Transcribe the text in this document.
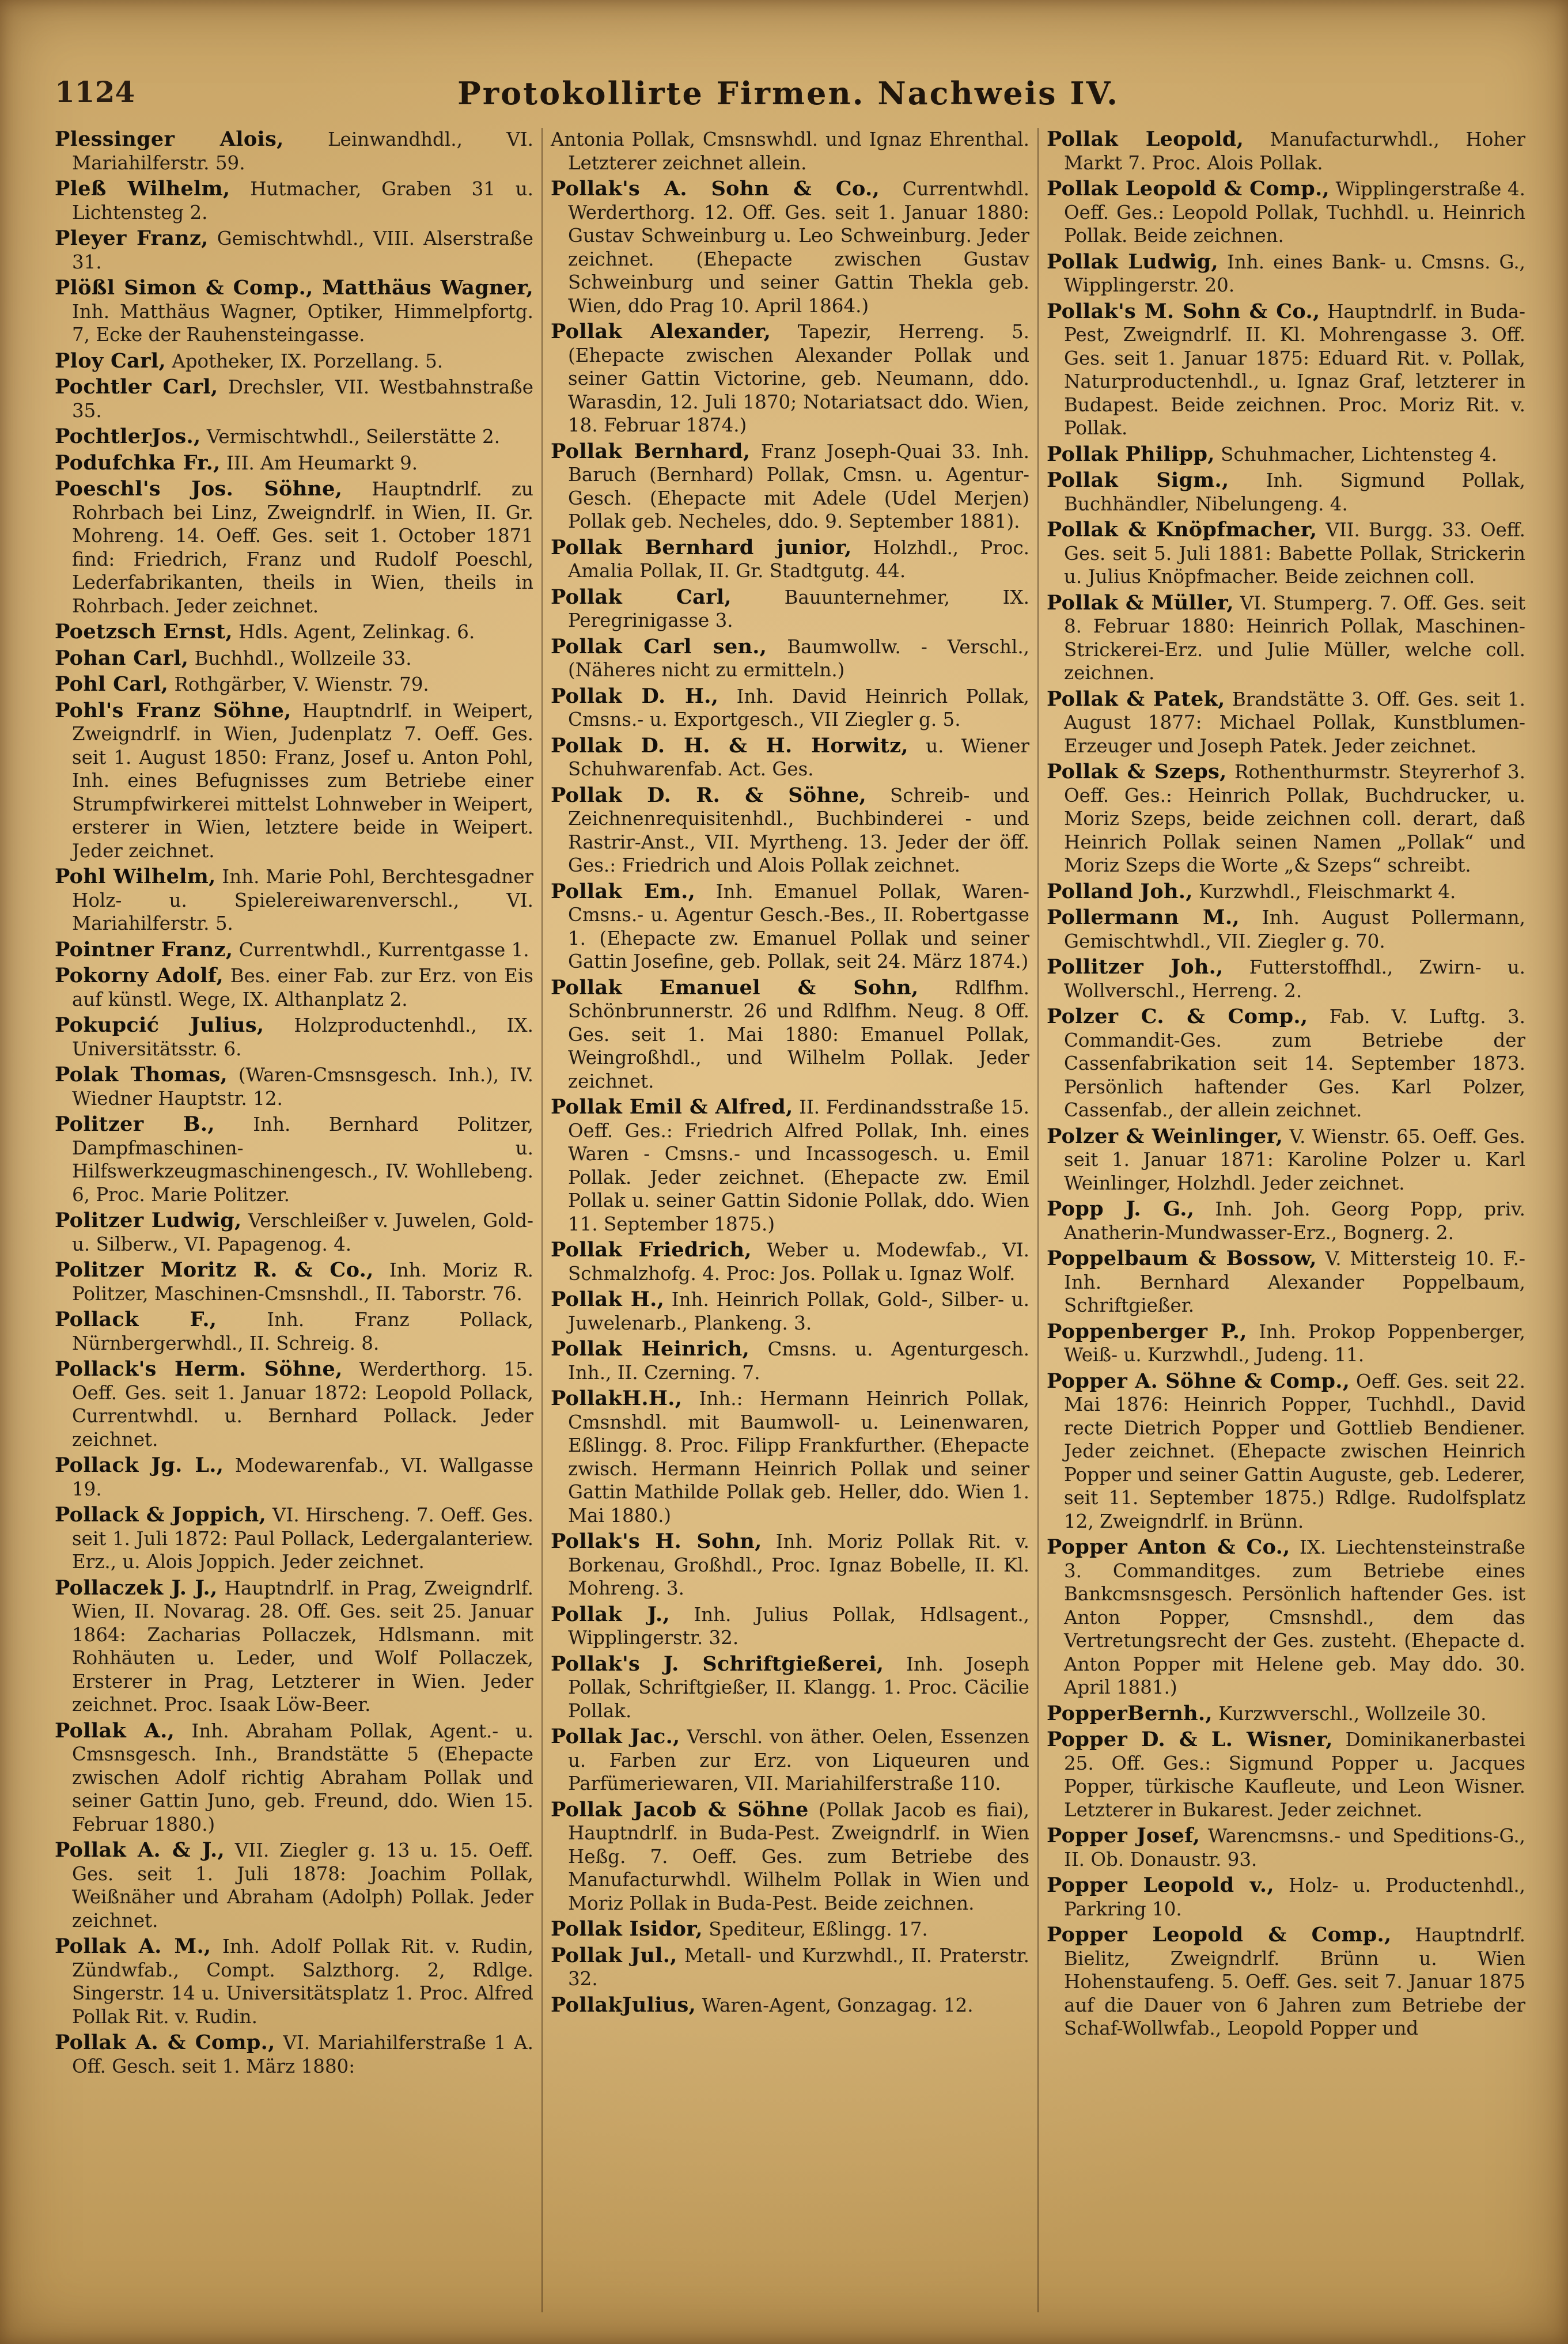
1124	Protokollirte Firmen. Nachweis IV.

Plessinger Alois, Leinwandhdl., VI. Mariahilferstr. 59.

Pleß Wilhelm, Hutmacher, Graben 31 u. Lichtensteg 2.

Pleyer Franz, Gemischtwhdl., VIII. Alserstraße 31.

Plößl Simon & Comp., Matthäus Wagner, Inh. Matthäus Wagner, Optiker, Himmelpfortg. 7, Ecke der Rauhensteingasse.

Ploy Carl, Apotheker, IX. Porzellang. 5.

Pochtler Carl, Drechsler, VII. Westbahnstraße 35.

PochtlerJos., Vermischtwhdl., Seilerstätte 2.

Podufchka Fr., III. Am Heumarkt 9.

Poeschl's Jos. Söhne, Hauptndrlf. zu Rohrbach bei Linz, Zweigndrlf. in Wien, II. Gr. Mohreng. 14. Oeff. Ges. seit 1. October 1871 find: Friedrich, Franz und Rudolf Poeschl, Lederfabrikanten, theils in Wien, theils in Rohrbach. Jeder zeichnet.

Poetzsch Ernst, Hdls. Agent, Zelinkag. 6.

Pohan Carl, Buchhdl., Wollzeile 33.

Pohl Carl, Rothgärber, V. Wienstr. 79.

Pohl's Franz Söhne, Hauptndrlf. in Weipert, Zweigndrlf. in Wien, Judenplatz 7. Oeff. Ges. seit 1. August 1850: Franz, Josef u. Anton Pohl, Inh. eines Befugnisses zum Betriebe einer Strumpfwirkerei mittelst Lohnweber in Weipert, ersterer in Wien, letztere beide in Weipert. Jeder zeichnet.

Pohl Wilhelm, Inh. Marie Pohl, Berchtesgadner Holz- u. Spielereiwarenverschl., VI. Mariahilferstr. 5.

Pointner Franz, Currentwhdl., Kurrentgasse 1.

Pokorny Adolf, Bes. einer Fab. zur Erz. von Eis auf künstl. Wege, IX. Althanplatz 2.

Pokupcić Julius, Holzproductenhdl., IX. Universitätsstr. 6.

Polak Thomas, (Waren-Cmsnsgesch. Inh.), IV. Wiedner Hauptstr. 12.

Politzer B., Inh. Bernhard Politzer, Dampfmaschinen- u. Hilfswerkzeugmaschinengesch., IV. Wohllebeng. 6, Proc. Marie Politzer.

Politzer Ludwig, Verschleißer v. Juwelen, Gold- u. Silberw., VI. Papagenog. 4.

Politzer Moritz R. & Co., Inh. Moriz R. Politzer, Maschinen-Cmsnshdl., II. Taborstr. 76.

Pollack F.,	Inh. Franz Pollack, Nürnbergerwhdl., II. Schreig. 8.

Pollack's Herm. Söhne, Werderthorg. 15. Oeff. Ges. seit 1. Januar 1872: Leopold Pollack, Currentwhdl. u. Bernhard Pollack. Jeder zeichnet.

Pollack Jg. L., Modewarenfab., VI. Wallgasse 19.

Pollack & Joppich, VI. Hirscheng. 7. Oeff. Ges. seit 1. Juli 1872: Paul Pollack, Ledergalanteriew. Erz., u. Alois Joppich. Jeder zeichnet.

Pollaczek J. J., Hauptndrlf. in Prag, Zweigndrlf. Wien, II. Novarag. 28. Off. Ges. seit 25. Januar 1864: Zacharias Pollaczek, Hdlsmann. mit Rohhäuten u. Leder, und Wolf Pollaczek, Ersterer in Prag, Letzterer in Wien. Jeder zeichnet. Proc. Isaak Löw-Beer.

Pollak A., Inh. Abraham Pollak, Agent.- u. Cmsnsgesch. Inh., Brandstätte 5 (Ehepacte zwischen Adolf richtig Abraham Pollak und seiner Gattin Juno, geb. Freund, ddo. Wien 15. Februar 1880.)

Pollak A. & J., VII. Ziegler g. 13 u. 15. Oeff. Ges. seit 1. Juli 1878: Joachim Pollak, Weißnäher und Abraham (Adolph) Pollak. Jeder zeichnet.

Pollak A. M., Inh. Adolf Pollak Rit. v. Rudin, Zündwfab., Compt. Salzthorg. 2, Rdlge. Singerstr. 14 u. Universitätsplatz 1. Proc. Alfred Pollak Rit. v. Rudin.

Pollak A. & Comp., VI. Mariahilferstraße 1 A. Off. Gesch. seit 1. März 1880:

Antonia Pollak, Cmsnswhdl. und Ignaz Ehrenthal. Letzterer zeichnet allein.

Pollak's A. Sohn & Co., Currentwhdl. Werderthorg. 12. Off. Ges. seit 1. Januar 1880: Gustav Schweinburg u. Leo Schweinburg. Jeder zeichnet. (Ehepacte zwischen Gustav Schweinburg und seiner Gattin Thekla geb. Wien, ddo Prag 10. April 1864.)

Pollak Alexander, Tapezir, Herreng. 5. (Ehepacte zwischen Alexander Pollak und seiner Gattin Victorine, geb. Neumann, ddo. Warasdin, 12. Juli 1870; Notariatsact ddo. Wien, 18. Februar 1874.)

Pollak Bernhard, Franz Joseph-Quai 33. Inh. Baruch (Bernhard) Pollak, Cmsn. u. Agentur-Gesch. (Ehepacte mit Adele (Udel Merjen) Pollak geb. Necheles, ddo. 9. September 1881).

Pollak Bernhard junior, Holzhdl., Proc. Amalia Pollak, II. Gr. Stadtgutg. 44.

Pollak Carl,	Bauunternehmer, IX. Peregrinigasse 3.

Pollak Carl sen., Baumwollw. - Verschl., (Näheres nicht zu ermitteln.)

Pollak D. H., Inh. David Heinrich Pollak, Cmsns.- u. Exportgesch., VII Ziegler g. 5.

Pollak D. H. & H. Horwitz, u. Wiener Schuhwarenfab. Act. Ges.

Pollak D. R. & Söhne, Schreib- und Zeichnenrequisitenhdl., Buchbinderei - und Rastrir-Anst., VII. Myrtheng. 13. Jeder der öff. Ges.: Friedrich und Alois Pollak zeichnet.

Pollak Em., Inh. Emanuel Pollak, Waren-Cmsns.- u. Agentur Gesch.-Bes., II. Robertgasse 1. (Ehepacte zw. Emanuel Pollak und seiner Gattin Josefine, geb. Pollak, seit 24. März 1874.)

Pollak Emanuel & Sohn, Rdlfhm. Schönbrunnerstr. 26 und Rdlfhm. Neug. 8 Off. Ges. seit 1. Mai 1880: Emanuel Pollak, Weingroßhdl., und Wilhelm Pollak. Jeder zeichnet.

Pollak Emil & Alfred, II. Ferdinandsstraße 15. Oeff. Ges.: Friedrich Alfred Pollak, Inh. eines Waren - Cmsns.- und Incassogesch. u. Emil Pollak. Jeder zeichnet. (Ehepacte zw. Emil Pollak u. seiner Gattin Sidonie Pollak, ddo. Wien 11. September 1875.)

Pollak Friedrich, Weber u. Modewfab., VI. Schmalzhofg. 4. Proc: Jos. Pollak u. Ignaz Wolf.

Pollak H., Inh. Heinrich Pollak, Gold-, Silber- u. Juwelenarb., Plankeng. 3.

Pollak Heinrich, Cmsns. u. Agenturgesch. Inh., II. Czerning. 7.

PollakH.H., Inh.: Hermann Heinrich Pollak, Cmsnshdl. mit Baumwoll- u. Leinenwaren, Eßlingg. 8. Proc. Filipp Frankfurther. (Ehepacte zwisch. Hermann Heinrich Pollak und seiner Gattin Mathilde Pollak geb. Heller, ddo. Wien 1. Mai 1880.)

Pollak's H. Sohn, Inh. Moriz Pollak Rit. v. Borkenau, Großhdl., Proc. Ignaz Bobelle, II. Kl. Mohreng. 3.

Pollak J., Inh. Julius Pollak, Hdlsagent., Wipplingerstr. 32.

Pollak's J. Schriftgießerei, Inh. Joseph Pollak, Schriftgießer, II. Klangg. 1. Proc. Cäcilie Pollak.

Pollak Jac., Verschl. von äther. Oelen, Essenzen u. Farben zur Erz. von Liqueuren und Parfümeriewaren, VII. Mariahilferstraße 110.

Pollak Jacob & Söhne (Pollak Jacob es fiai), Hauptndrlf. in Buda-Pest. Zweigndrlf. in Wien Heßg. 7. Oeff. Ges. zum Betriebe des Manufacturwhdl. Wilhelm Pollak in Wien und Moriz Pollak in Buda-Pest. Beide zeichnen.

Pollak Isidor, Spediteur, Eßlingg. 17.

Pollak Jul., Metall- und Kurzwhdl., II. Praterstr. 32.

PollakJulius, Waren-Agent, Gonzagag. 12.

Pollak Leopold, Manufacturwhdl., Hoher Markt 7. Proc. Alois Pollak.

Pollak Leopold & Comp., Wipplingerstraße 4. Oeff. Ges.: Leopold Pollak, Tuchhdl. u. Heinrich Pollak. Beide zeichnen.

Pollak Ludwig, Inh. eines Bank- u. Cmsns. G., Wipplingerstr. 20.

Pollak's M. Sohn & Co., Hauptndrlf. in Buda-Pest, Zweigndrlf. II. Kl. Mohrengasse 3. Off. Ges. seit 1. Januar 1875: Eduard Rit. v. Pollak, Naturproductenhdl., u. Ignaz Graf, letzterer in Budapest. Beide zeichnen. Proc. Moriz Rit. v. Pollak.

Pollak Philipp, Schuhmacher, Lichtensteg 4.

Pollak Sigm., Inh. Sigmund Pollak, Buchhändler, Nibelungeng. 4.

Pollak & Knöpfmacher, VII. Burgg. 33. Oeff. Ges. seit 5. Juli 1881: Babette Pollak, Strickerin u. Julius Knöpfmacher. Beide zeichnen coll.

Pollak & Müller, VI. Stumperg. 7. Off. Ges. seit 8. Februar 1880: Heinrich Pollak, Maschinen-Strickerei-Erz. und Julie Müller, welche coll. zeichnen.

Pollak & Patek, Brandstätte 3. Off. Ges. seit 1. August 1877: Michael Pollak, Kunstblumen-Erzeuger und Joseph Patek. Jeder zeichnet.

Pollak & Szeps, Rothenthurmstr. Steyrerhof 3. Oeff. Ges.: Heinrich Pollak, Buchdrucker, u. Moriz Szeps, beide zeichnen coll. derart, daß Heinrich Pollak seinen Namen „Pollak“ und Moriz Szeps die Worte „& Szeps“ schreibt.

Polland Joh., Kurzwhdl., Fleischmarkt 4.

Pollermann M., Inh. August Pollermann, Gemischtwhdl., VII. Ziegler g. 70.

Pollitzer Joh., Futterstoffhdl., Zwirn- u. Wollverschl., Herreng. 2.

Polzer C. & Comp., Fab. V. Luftg. 3. Commandit-Ges. zum Betriebe der Cassenfabrikation seit 14. September 1873. Persönlich haftender Ges. Karl Polzer, Cassenfab., der allein zeichnet.

Polzer & Weinlinger, V. Wienstr. 65. Oeff. Ges. seit 1. Januar 1871: Karoline Polzer u. Karl Weinlinger, Holzhdl. Jeder zeichnet.

Popp J. G., Inh. Joh. Georg Popp, priv. Anatherin-Mundwasser-Erz., Bognerg. 2.

Poppelbaum & Bossow, V. Mittersteig 10. F.-Inh. Bernhard Alexander Poppelbaum, Schriftgießer.

Poppenberger P., Inh. Prokop Poppenberger, Weiß- u. Kurzwhdl., Judeng. 11.

Popper A. Söhne & Comp., Oeff. Ges. seit 22. Mai 1876: Heinrich Popper, Tuchhdl., David recte Dietrich Popper und Gottlieb Bendiener. Jeder zeichnet. (Ehepacte zwischen Heinrich Popper und seiner Gattin Auguste, geb. Lederer, seit 11. September 1875.) Rdlge. Rudolfsplatz 12, Zweigndrlf. in Brünn.

Popper Anton & Co., IX. Liechtensteinstraße 3. Commanditges. zum Betriebe eines Bankcmsnsgesch. Persönlich haftender Ges. ist Anton Popper, Cmsnshdl., dem das Vertretungsrecht der Ges. zusteht. (Ehepacte d. Anton Popper mit Helene geb. May ddo. 30. April 1881.)

PopperBernh., Kurzwverschl., Wollzeile 30.

Popper D. & L. Wisner, Dominikanerbastei 25. Off. Ges.: Sigmund Popper u. Jacques Popper, türkische Kaufleute, und Leon Wisner. Letzterer in Bukarest. Jeder zeichnet.

Popper Josef, Warencmsns.- und Speditions-G., II. Ob. Donaustr. 93.

Popper Leopold v., Holz- u. Productenhdl., Parkring 10.

Popper Leopold & Comp., Hauptndrlf. Bielitz, Zweigndrlf. Brünn u. Wien Hohenstaufeng. 5. Oeff. Ges. seit 7. Januar 1875 auf die Dauer von 6 Jahren zum Betriebe der Schaf-Wollwfab., Leopold Popper und
